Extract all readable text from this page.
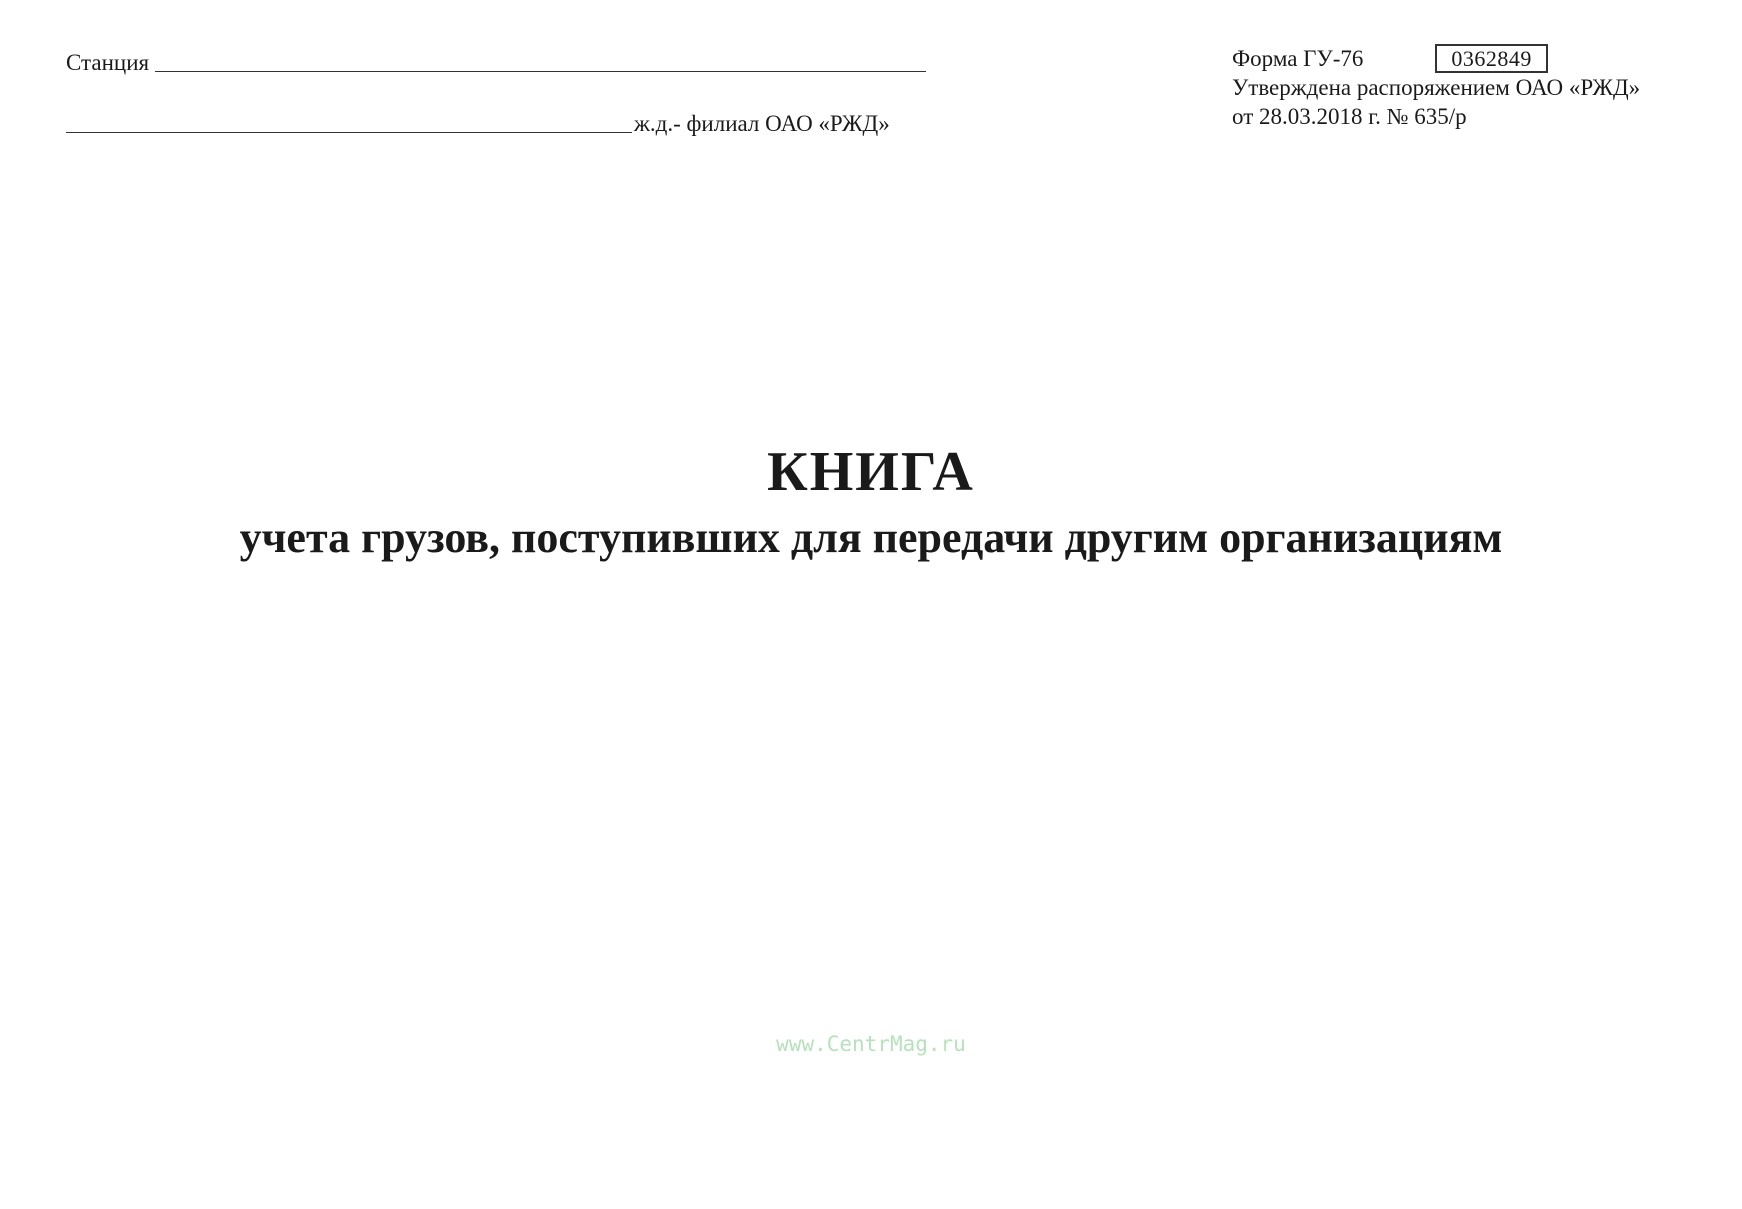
Станция
ж.д.- филиал ОАО «РЖД»
Форма ГУ-76	0362849
Утверждена распоряжением ОАО «РЖД»
от 28.03.2018 г. № 635/р
КНИГА
учета грузов, поступивших для передачи другим организациям
www.CentrMag.ru
